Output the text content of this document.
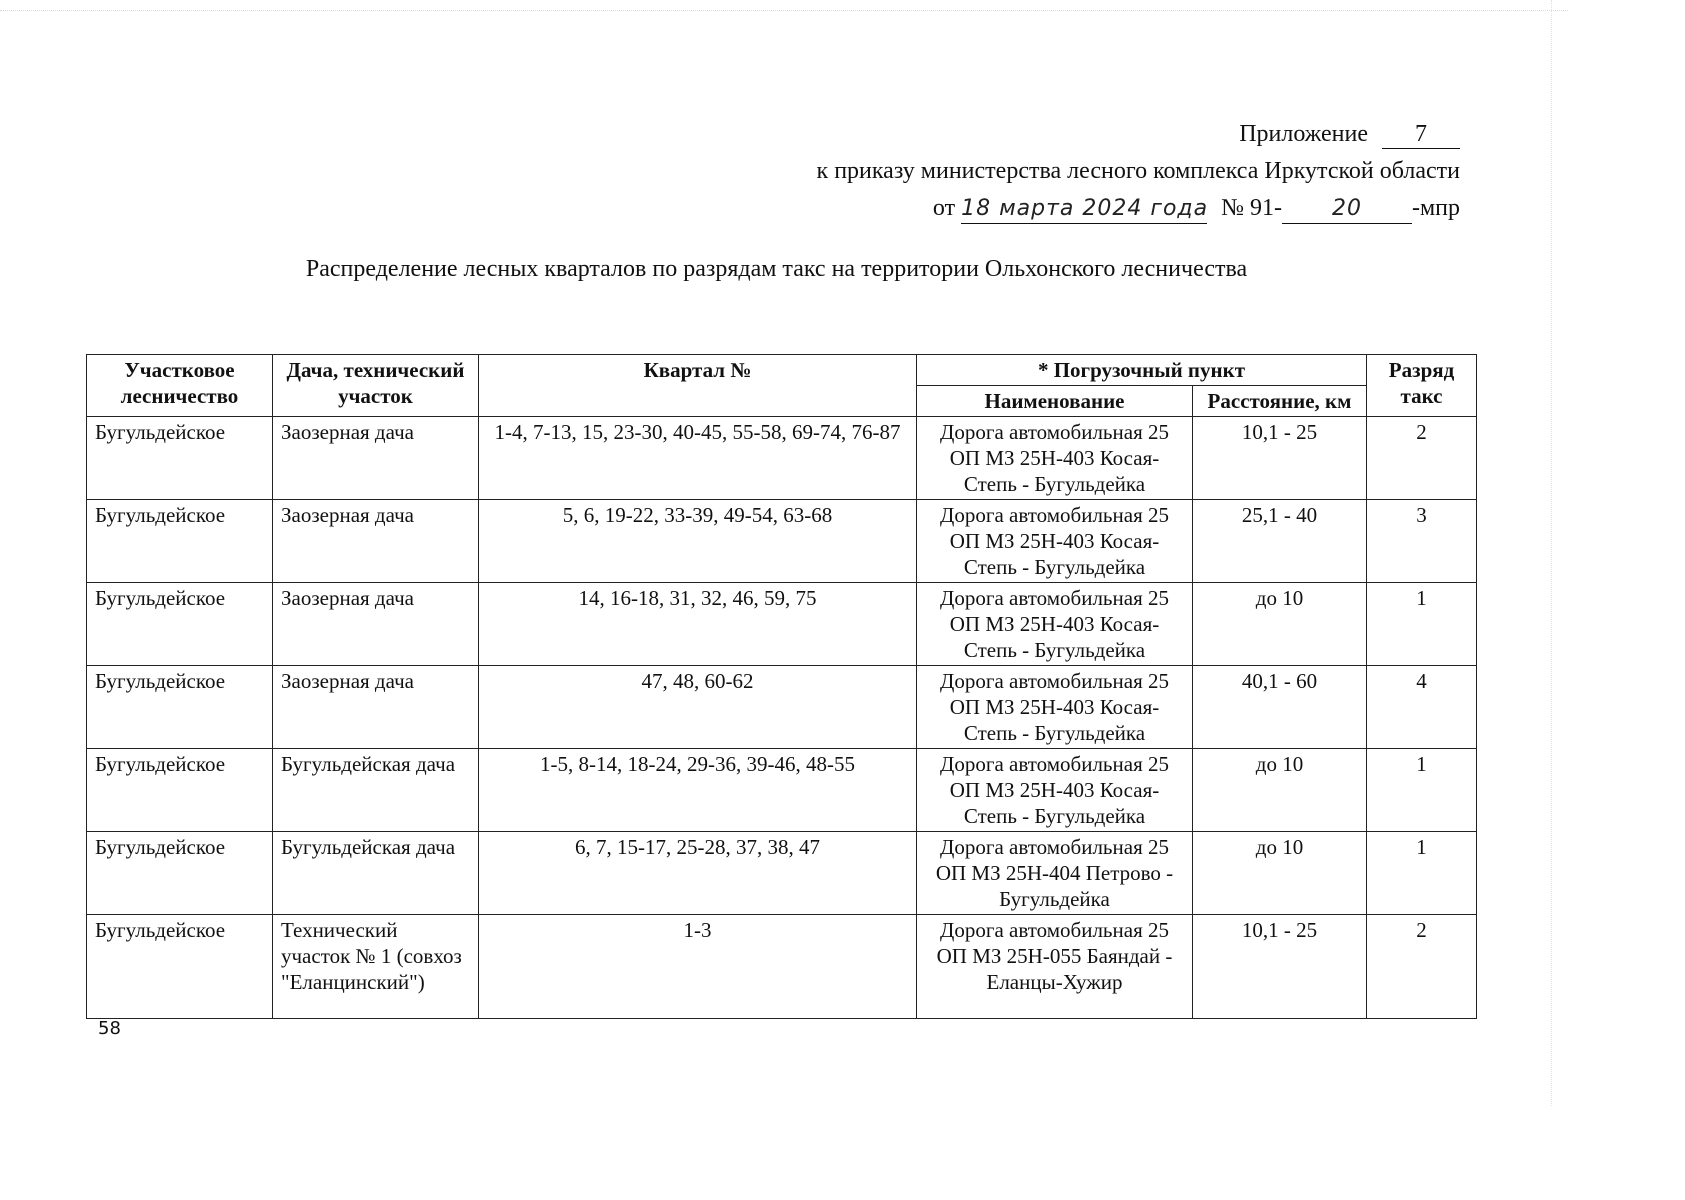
Приложение 7
к приказу министерства лесного комплекса Иркутской области
от 18 марта 2024 года № 91- 20 -мпр
Распределение лесных кварталов по разрядам такс на территории Ольхонского лесничества
Участковое лесничество	Дача, технический участок	Квартал №	* Погрузочный пункт		Разряд такс
			Наименование	Расстояние, км	
Бугульдейское	Заозерная дача	1-4, 7-13, 15, 23-30, 40-45, 55-58, 69-74, 76-87	Дорога автомобильная 25 ОП МЗ 25Н-403 Косая-Степь - Бугульдейка	10,1 - 25	2
Бугульдейское	Заозерная дача	5, 6, 19-22, 33-39, 49-54, 63-68	Дорога автомобильная 25 ОП МЗ 25Н-403 Косая-Степь - Бугульдейка	25,1 - 40	3
Бугульдейское	Заозерная дача	14, 16-18, 31, 32, 46, 59, 75	Дорога автомобильная 25 ОП МЗ 25Н-403 Косая-Степь - Бугульдейка	до 10	1
Бугульдейское	Заозерная дача	47, 48, 60-62	Дорога автомобильная 25 ОП МЗ 25Н-403 Косая-Степь - Бугульдейка	40,1 - 60	4
Бугульдейское	Бугульдейская дача	1-5, 8-14, 18-24, 29-36, 39-46, 48-55	Дорога автомобильная 25 ОП МЗ 25Н-403 Косая-Степь - Бугульдейка	до 10	1
Бугульдейское	Бугульдейская дача	6, 7, 15-17, 25-28, 37, 38, 47	Дорога автомобильная 25 ОП МЗ 25Н-404 Петрово - Бугульдейка	до 10	1
Бугульдейское	Технический участок № 1 (совхоз "Еланцинский")	1-3	Дорога автомобильная 25 ОП МЗ 25Н-055 Баяндай - Еланцы-Хужир	10,1 - 25	2
58
